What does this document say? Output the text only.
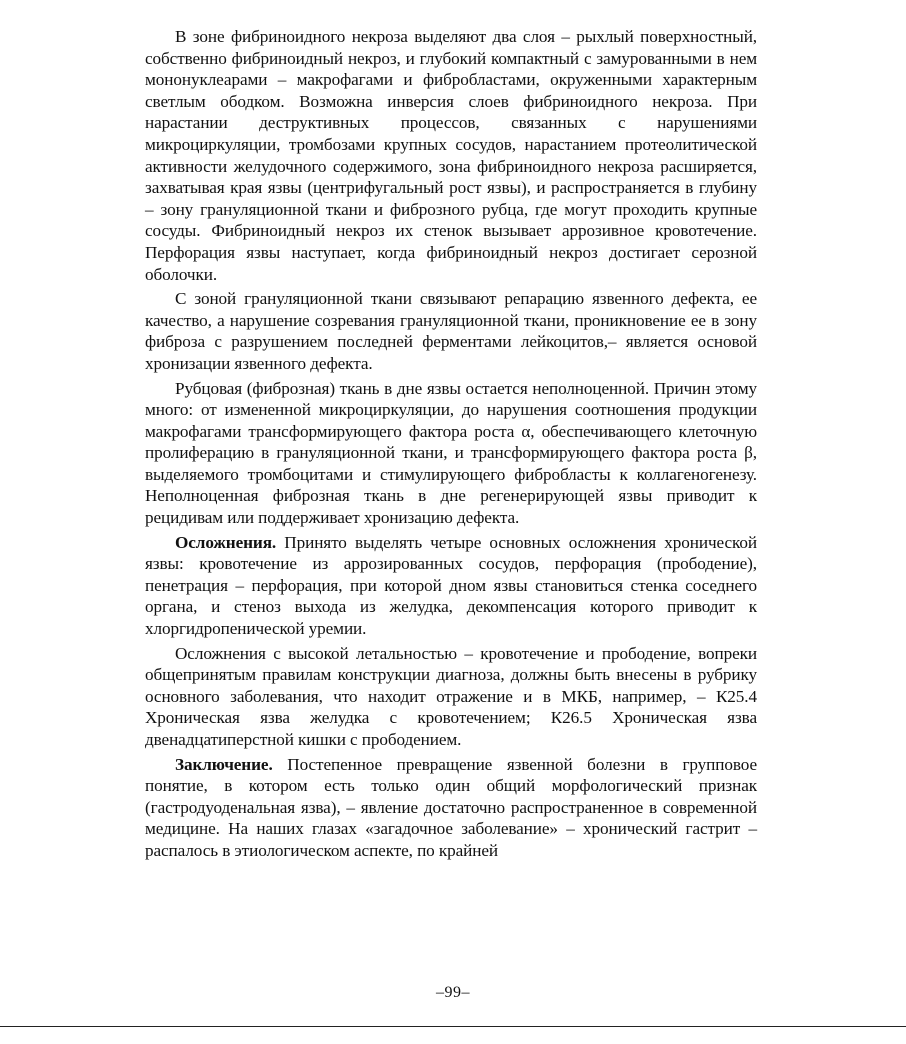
В зоне фибриноидного некроза выделяют два слоя – рыхлый поверхностный, собственно фибриноидный некроз, и глубокий компактный с замурованными в нем мононуклеарами – макрофагами и фибробластами, окруженными характерным светлым ободком. Возможна инверсия слоев фибриноидного некроза. При нарастании деструктивных процессов, связанных с нарушениями микроциркуляции, тромбозами крупных сосудов, нарастанием протеолитической активности желудочного содержимого, зона фибриноидного некроза расширяется, захватывая края язвы (центрифугальный рост язвы), и распространяется в глубину – зону грануляционной ткани и фиброзного рубца, где могут проходить крупные сосуды. Фибриноидный некроз их стенок вызывает аррозивное кровотечение. Перфорация язвы наступает, когда фибриноидный некроз достигает серозной оболочки.

С зоной грануляционной ткани связывают репарацию язвенного дефекта, ее качество, а нарушение созревания грануляционной ткани, проникновение ее в зону фиброза с разрушением последней ферментами лейкоцитов,– является основой хронизации язвенного дефекта.

Рубцовая (фиброзная) ткань в дне язвы остается неполноценной. Причин этому много: от измененной микроциркуляции, до нарушения соотношения продукции макрофагами трансформирующего фактора роста α, обеспечивающего клеточную пролиферацию в грануляционной ткани, и трансформирующего фактора роста β, выделяемого тромбоцитами и стимулирующего фибробласты к коллагеногенезу. Неполноценная фиброзная ткань в дне регенерирующей язвы приводит к рецидивам или поддерживает хронизацию дефекта.

Осложнения. Принято выделять четыре основных осложнения хронической язвы: кровотечение из аррозированных сосудов, перфорация (прободение), пенетрация – перфорация, при которой дном язвы становиться стенка соседнего органа, и стеноз выхода из желудка, декомпенсация которого приводит к хлоргидропенической уремии.

Осложнения с высокой летальностью – кровотечение и прободение, вопреки общепринятым правилам конструкции диагноза, должны быть внесены в рубрику основного заболевания, что находит отражение и в МКБ, например, – К25.4 Хроническая язва желудка с кровотечением; К26.5 Хроническая язва двенадцатиперстной кишки с прободением.

Заключение. Постепенное превращение язвенной болезни в групповое понятие, в котором есть только один общий морфологический признак (гастродуоденальная язва), – явление достаточно распространенное в современной медицине. На наших глазах «загадочное заболевание» – хронический гастрит – распалось в этиологическом аспекте, по крайней

–99–
